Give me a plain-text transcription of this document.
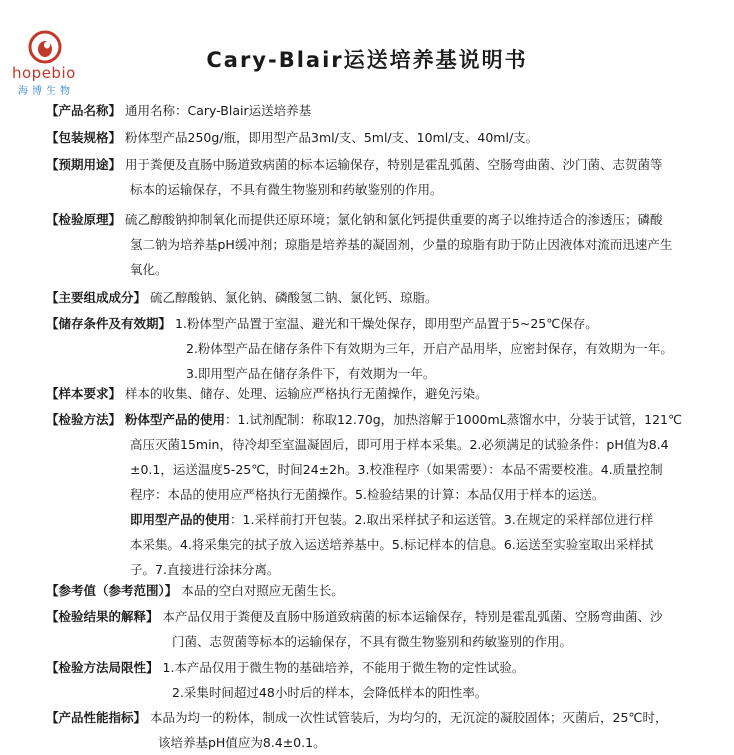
hopebio
海博生物
Cary-Blair运送培养基说明书
【产品名称】 通用名称：Cary-Blair运送培养基
【包装规格】 粉体型产品250g/瓶，即用型产品3ml/支、5ml/支、10ml/支、40ml/支。
【预期用途】 用于粪便及直肠中肠道致病菌的标本运输保存，特别是霍乱弧菌、空肠弯曲菌、沙门菌、志贺菌等
标本的运输保存，不具有微生物鉴别和药敏鉴别的作用。
【检验原理】 硫乙醇酸钠抑制氧化而提供还原环境；氯化钠和氯化钙提供重要的离子以维持适合的渗透压；磷酸
氢二钠为培养基pH缓冲剂；琼脂是培养基的凝固剂，少量的琼脂有助于防止因液体对流而迅速产生
氧化。
【主要组成成分】 硫乙醇酸钠、氯化钠、磷酸氢二钠、氯化钙、琼脂。
【储存条件及有效期】 1.粉体型产品置于室温、避光和干燥处保存，即用型产品置于5~25℃保存。
2.粉体型产品在储存条件下有效期为三年，开启产品用毕，应密封保存，有效期为一年。
3.即用型产品在储存条件下，有效期为一年。
【样本要求】 样本的收集、储存、处理、运输应严格执行无菌操作，避免污染。
【检验方法】 粉体型产品的使用：1.试剂配制：称取12.70g，加热溶解于1000mL蒸馏水中，分装于试管，121℃
高压灭菌15min，待冷却至室温凝固后，即可用于样本采集。2.必须满足的试验条件：pH值为8.4
±0.1，运送温度5-25℃，时间24±2h。3.校准程序（如果需要）：本品不需要校准。4.质量控制
程序：本品的使用应严格执行无菌操作。5.检验结果的计算：本品仅用于样本的运送。
即用型产品的使用：1.采样前打开包装。2.取出采样拭子和运送管。3.在规定的采样部位进行样
本采集。4.将采集完的拭子放入运送培养基中。5.标记样本的信息。6.运送至实验室取出采样拭
子。7.直接进行涂抹分离。
【参考值（参考范围）】 本品的空白对照应无菌生长。
【检验结果的解释】 本产品仅用于粪便及直肠中肠道致病菌的标本运输保存，特别是霍乱弧菌、空肠弯曲菌、沙
门菌、志贺菌等标本的运输保存，不具有微生物鉴别和药敏鉴别的作用。
【检验方法局限性】 1.本产品仅用于微生物的基础培养，不能用于微生物的定性试验。
2.采集时间超过48小时后的样本，会降低样本的阳性率。
【产品性能指标】 本品为均一的粉体，制成一次性试管装后，为均匀的，无沉淀的凝胶固体；灭菌后，25℃时，
该培养基pH值应为8.4±0.1。
